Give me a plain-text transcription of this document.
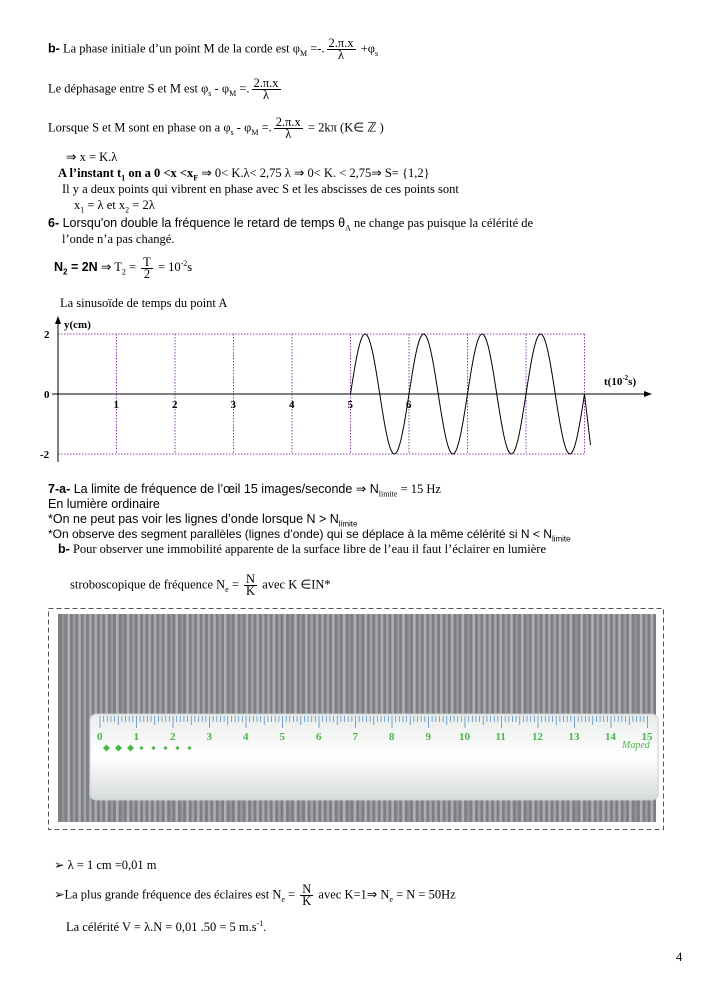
b- La phase initiale d’un point M de la corde est $\varphi_M$ =-. $\frac{2.\pi.x}{\lambda} +\varphi_s$
Le déphasage entre S et M est $\varphi_s - \varphi_M$ =. $\frac{2.\pi.x}{\lambda}$
Lorsque S et M sont en phase on a $\varphi_s - \varphi_M$ =. $\frac{2.\pi.x}{\lambda} = 2k\pi$ (K∈ ℤ )
⇒ x = K.λ
A l’instant $t_1$ on a $0 <x <x_F$ ⇒ 0< K.λ< 2,75 λ ⇒ 0< K. < 2,75⇒ S= {1,2}
Il y a deux points qui vibrent en phase avec S et les abscisses de ces points sont
$x_1 = \lambda$ et $x_2 = 2\lambda$
6- Lorsqu'on double la fréquence le retard de temps $\theta_A$ ne change pas puisque la célérité de
l’onde n’a pas changé.
$N_2 = 2N$ ⇒ $T_2 = \frac{T}{2} = 10^{-2}s$
La sinusoïde de temps du point A
1	2	3	4	5	6
2
0
-2
y(cm)
$t(10^{-2}s)$
7-a- La limite de fréquence de l’œil 15 images/seconde ⇒ $N_{limite} = 15$ Hz
En lumière ordinaire
*On ne peut pas voir les lignes d’onde lorsque $N > N_{limite}$
*On observe des segment parallèles (lignes d’onde) qui se déplace à la même célérité si $N < N_{limite}$
b- Pour observer une immobilité apparente de la surface libre de l’eau il faut l’éclairer en lumière
stroboscopique de fréquence $N_e = \frac{N}{K}$ avec K ∈IN*
0	1	2	3	4	5	6	7	8	9	10 11 12 13 14 15
Maped
➢ λ = 1 cm =0,01 m
➢La plus grande fréquence des éclaires est $N_e = \frac{N}{K}$ avec K=1⇒ $N_e = N = 50Hz$
La célérité V = λ.N = 0,01 .50 = 5 $m.s^{-1}$.
4
